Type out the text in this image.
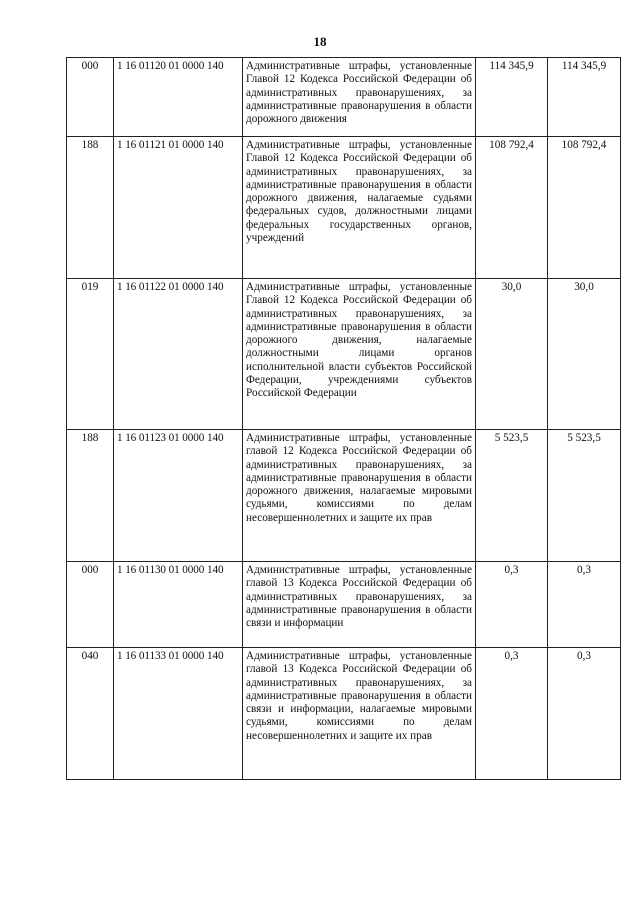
18
000	1 16 01120 01 0000 140	Административные штрафы, установленные Главой 12 Кодекса Российской Федерации об административных правонарушениях, за административные правонарушения в области дорожного движения	114 345,9	114 345,9
188	1 16 01121 01 0000 140	Административные штрафы, установленные Главой 12 Кодекса Российской Федерации об административных правонарушениях, за административные правонарушения в области дорожного движения, налагаемые судьями федеральных судов, должностными лицами федеральных государственных органов, учреждений	108 792,4	108 792,4
019	1 16 01122 01 0000 140	Административные штрафы, установленные Главой 12 Кодекса Российской Федерации об административных правонарушениях, за административные правонарушения в области дорожного движения, налагаемые должностными лицами органов исполнительной власти субъектов Российской Федерации, учреждениями субъектов Российской Федерации	30,0	30,0
188	1 16 01123 01 0000 140	Административные штрафы, установленные главой 12 Кодекса Российской Федерации об административных правонарушениях, за административные правонарушения в области дорожного движения, налагаемые мировыми судьями, комиссиями по делам несовершеннолетних и защите их прав	5 523,5	5 523,5
000	1 16 01130 01 0000 140	Административные штрафы, установленные главой 13 Кодекса Российской Федерации об административных правонарушениях, за административные правонарушения в области связи и информации	0,3	0,3
040	1 16 01133 01 0000 140	Административные штрафы, установленные главой 13 Кодекса Российской Федерации об административных правонарушениях, за административные правонарушения в области связи и информации, налагаемые мировыми судьями, комиссиями по делам несовершеннолетних и защите их прав	0,3	0,3
